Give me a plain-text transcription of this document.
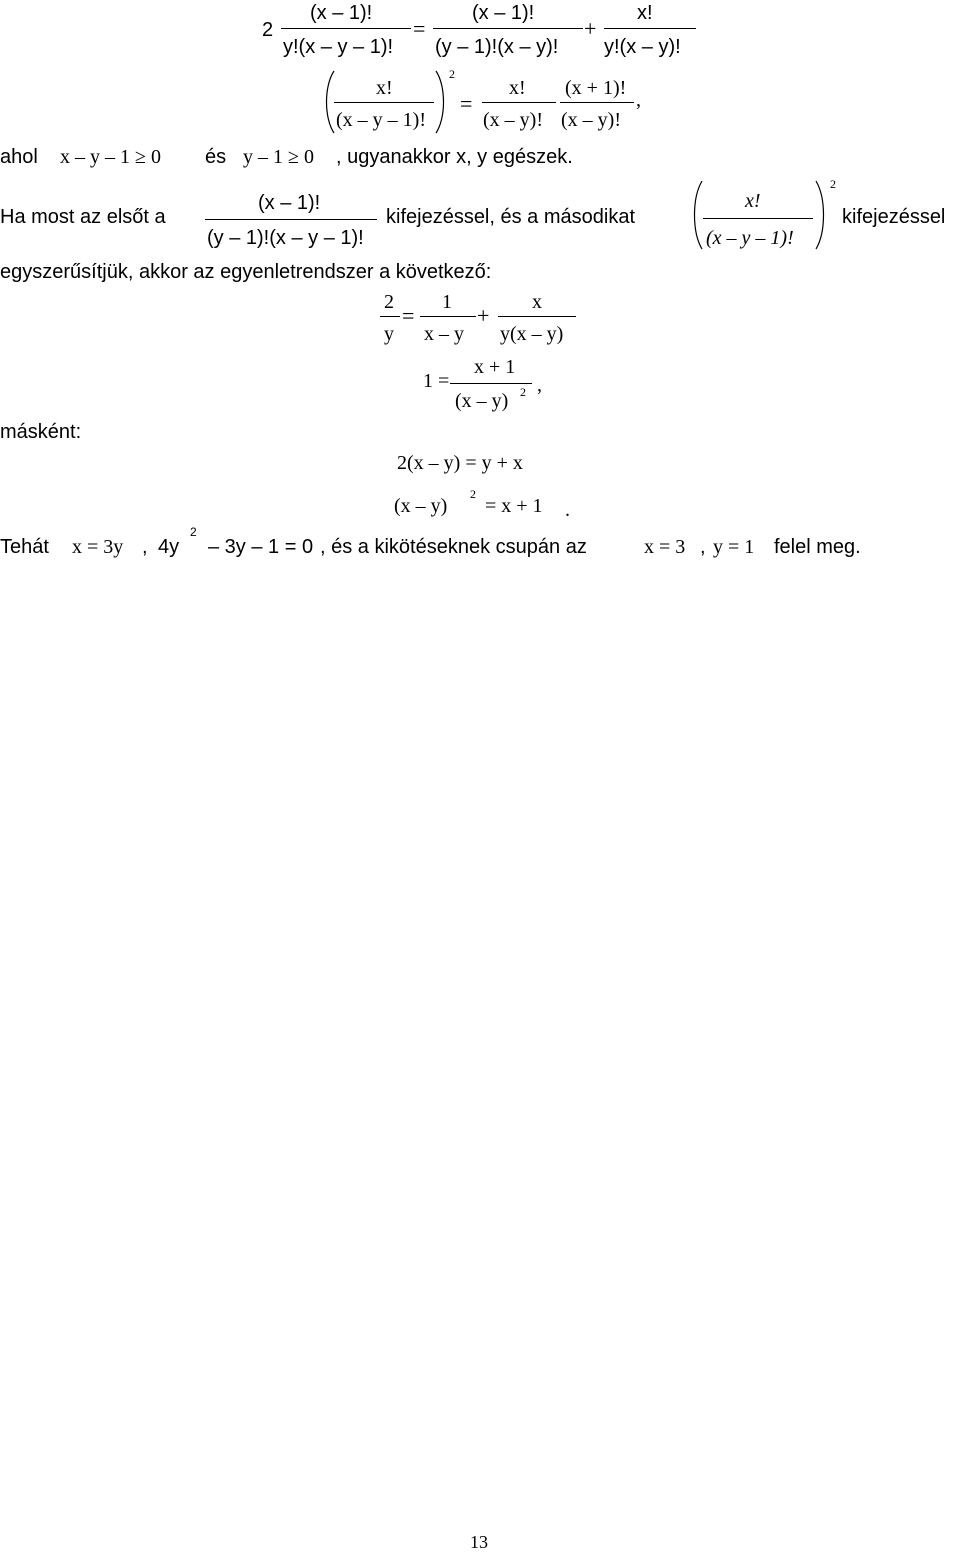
2
(x – 1)!
y!(x – y – 1)!
=
(x – 1)!
(y – 1)!(x – y)!
+
x!
y!(x – y)!
x!
(x – y – 1)!
2
=
x!
(x – y)!
(x + 1)!
(x – y)!
,
ahol x – y – 1 ≥ 0 és y – 1 ≥ 0 , ugyanakkor x, y egészek.
Ha most az elsőt a
(x – 1)!
(y – 1)!(x – y – 1)!
kifejezéssel, és a másodikat
x!
(x – y – 1)!
2
kifejezéssel
egyszerűsítjük, akkor az egyenletrendszer a következő:
2
y
=
1
x – y
+
x
y(x – y)
1 =
x + 1
(x – y) 2 ,
másként:
2(x – y) = y + x
(x – y)
2
= x + 1 .
Tehát x = 3y , 4y
2
– 3y – 1 = 0 , és a kikötéseknek csupán az	x = 3 , y = 1 felel meg.
13
